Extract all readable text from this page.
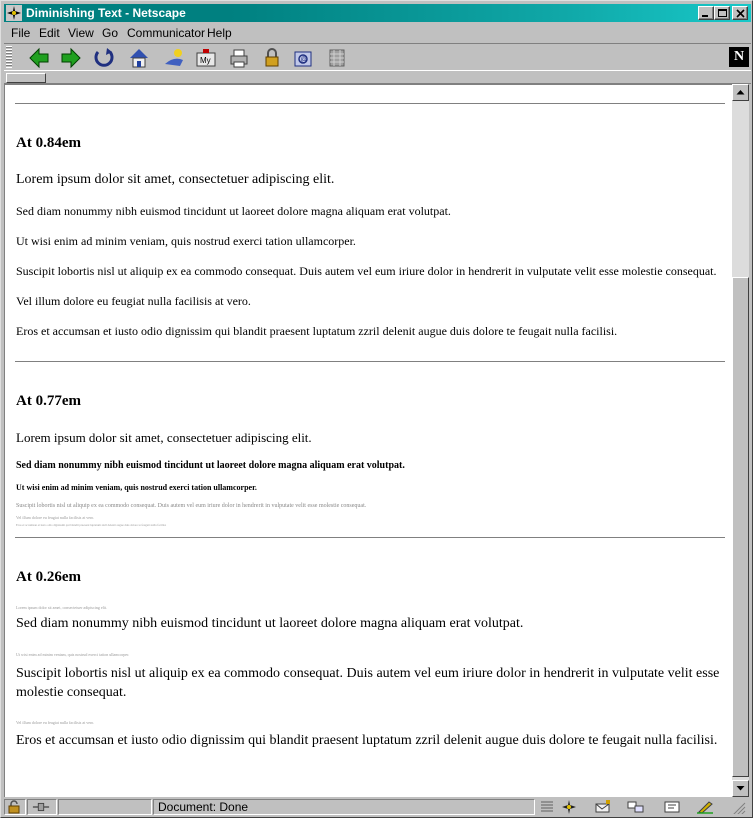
Diminishing Text - Netscape
File Edit View Go Communicator Help
My	@	N
At 0.84em
Lorem ipsum dolor sit amet, consectetuer adipiscing elit.
Sed diam nonummy nibh euismod tincidunt ut laoreet dolore magna aliquam erat volutpat.
Ut wisi enim ad minim veniam, quis nostrud exerci tation ullamcorper.
Suscipit lobortis nisl ut aliquip ex ea commodo consequat. Duis autem vel eum iriure dolor in hendrerit in vulputate velit esse molestie consequat.
Vel illum dolore eu feugiat nulla facilisis at vero.
Eros et accumsan et iusto odio dignissim qui blandit praesent luptatum zzril delenit augue duis dolore te feugait nulla facilisi.
At 0.77em
Lorem ipsum dolor sit amet, consectetuer adipiscing elit.
Sed diam nonummy nibh euismod tincidunt ut laoreet dolore magna aliquam erat volutpat.
Ut wisi enim ad minim veniam, quis nostrud exerci tation ullamcorper.
Suscipit lobortis nisl ut aliquip ex ea commodo consequat. Duis autem vel eum iriure dolor in hendrerit in vulputate velit esse molestie consequat.
Vel illum dolore eu feugiat nulla facilisis at vero.
Eros et accumsan et iusto odio dignissim qui blandit praesent luptatum zzril delenit augue duis dolore te feugait nulla facilisi.
At 0.26em
Lorem ipsum dolor sit amet, consectetuer adipiscing elit.
Sed diam nonummy nibh euismod tincidunt ut laoreet dolore magna aliquam erat volutpat.
Ut wisi enim ad minim veniam, quis nostrud exerci tation ullamcorper.
Suscipit lobortis nisl ut aliquip ex ea commodo consequat. Duis autem vel eum iriure dolor in hendrerit in vulputate velit esse molestie consequat.
Vel illum dolore eu feugiat nulla facilisis at vero.
Eros et accumsan et iusto odio dignissim qui blandit praesent luptatum zzril delenit augue duis dolore te feugait nulla facilisi.
Document: Done
